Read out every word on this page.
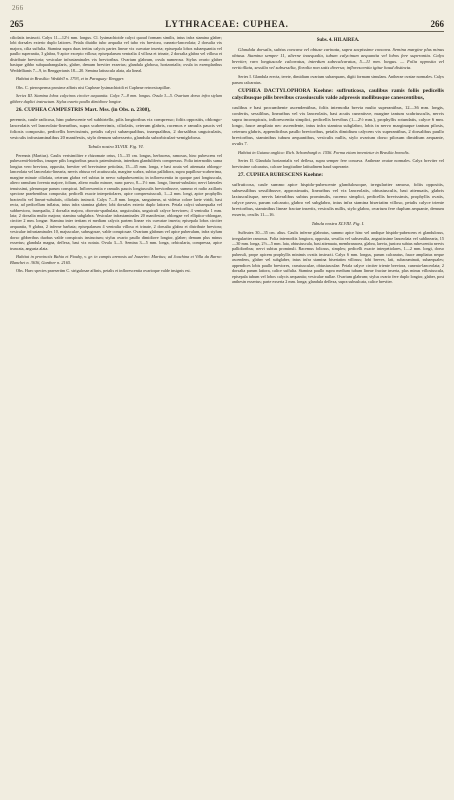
266
265	LYTHRACEAE: CUPHEA.	266

ciliolatis instructi. Calyx 11—12½ mm. longus. Cl. lysimachioide calyci quoad formam similis, intus infra stamina glaber; lobi dorsales exterio duplo latiores. Petala diuidio tubo aequalia vel tubo vix breviora, cuneato-lanceolata; 2 dorsalia vix majora, cilia suffulta. Stamina supra duas tertias calycis partes lineae vix curvatae inserta; epissepala lobos subaequantia vel paullo superantia, 3 glabra, 9 apice excepto villosa; episepalarum ventralia 4 villosa et trinate, 2 dorsalia glabra vel villosa et distribute brevioria; vesiculae infrastaminales vix brevioribus. Ovarium glabrum, ovula numerosa. Stylus ovario glaber basique gibbo subquadrangularis, glaber, demum breviter exsertus; glandula globosa, horizontalis; ovula in exemplaribus Weddellianis 7—9, in Renggerianis 18—20. Semina latiuscula alata, ala lineal.

Habitat in Brasilia: Weddell n. 1793, et in Paraguay: Rengger.

Obs. C. pterosperma proxime affinis nisi Cupheae lysimachioidi et Cupheae retrorsicapillae.

Series III. Stamina lobos calycinos circiter aequantia. Calyx 7—8 mm. longus. Ovula 3—5. Ovarium dorso infra stylum gibbere duplici instructum. Stylus ovario paullo dimidiove longior.

26. CUPHEA CAMPESTRIS Mart. Mss. (in Obs. n. 2308),

perennis, caule radicosa, hinc pubescente vel subhirtello, pilis longioribus vix compresso; foliis oppositis, oblongo-lanceolatis vel lanceolato-linearibus, supra scabeerrimis, ciliolatis, ceterum glabris, racemos e ramulis paucis vel foliosis composito, pedicellis brevissimis, petalis calyci subaequalibus, inaequalibus, 2 dorsalibus unguiculatis, vesiculis infrastaminalibus 20 manifestis, stylo demum subexserto, glandula suborbiculari-semiglobosa.

Tabula nostra XLVIII. Fig. VI.

Perennis (Martius). Caulis verisimiliter e rhizomate ortus, 15—35 cm. longus, herbaceus, ramosus, hinc pubescens vel pubescenti-hirtellus, insuper pilis longioribus paucis patentissimis, interdum glanduliferis compressus. Folia internodiis suma longius vero breviora, opposita, breviter vel brevissime petiolata, 15—45 mm. longa, e basi acuta vel attenuata oblongo-lanceolata vel lanceolato-linearia, nervis obtusa vel acutiuscula, margine scabra, subtus pallidiora, supra papilloso-scaberrima, margine minute ciliolata, ceterum glabra vel subtus in nervo subpubescentia; in inflorescentia in quoque pari longiuscula, altero ramulum foventa majore, folium, altero multo minore, nunc parvo, 8—1½ mm. longo, lineari-subulato; nervi laterales tenuissimi, plerumque parum conspicui. Inflorescentia e ramulis paucis longiusculis brevioribusve, summo et radio axillaris speciose praebentibus composita; pedicelli exacte interpetiolares, apice compressiusculi, 1—2 mm. longi, apice prophyllis bracteolis vel lineari-subulatis, ciliolatis instructi. Calyx 7—8 mm. longus, sanguineus, ut videtur colore laete viridi, basi recta, ad pedicellum inflatus, intus infra stamina glaber; lobi dorsales exterio duplo latiores. Petala calyci subaequalia vel subbreviora, inaequalia, 2 dorsalia majora, obovato-spathulata, unguiculata, unguiculi calyce breviores; 4 ventralia 1 mm. lata; 2 dorsalia multo majora; stamina subglabra. Vesiculae infrastaminales 20 manifestae, oblongae vel elliptico-oblongae, circiter 2 mm. longae. Stamina inter tertiam et mediam calycis partem lineae vix curvatae inserta; episepala lobos circiter aequantia, 9 glabra, 2 inferne barbata; episepalarum 4 ventralia villosa et trinate, 2 dorsalia glabra et distribute breviora; vesiculae infrastaminales 10, majusculae, subrugosae, valde conspicuae. Ovarium glabrum vel apice puberulum, infra stylum dorso gibberibus duobus valde conspicuis instructum; stylus ovario paullo dimidiove longior, glaber; demum plus minus exsertus; glandula magna, deflexa, basi vix notata. Ovula 3—5. Semina 3—5 mm. longa, orbicularia, compressa, apice truncata, angusta alata.

Habitat in provinciis Bahia et Piauhy, v. gr. in campis arenosis ad Joazeiro: Martius; ad Joachina et Villa da Barra: Blanchet n. 3636, Gardner n. 2165.

Obs. Haec species praesertim C. strigulosae affinis, petalis et inflorescentia ovarioque valde insignis est.

Subs. 4. HILAIREA.

Glandula dorsalis, subtus concava vel obtuse carinata, supra sacpissime concava. Semina margine plus minus obtusa. Stamina semper 11, alterne inaequalia, tubum calycinum aequantia vel lobos fere superantia. Calyx breviter, raro longiuscule calcaratus, interdum subecalcaratus, 5—11 mm. longus. — Folia opposita vel verticillata, sessilia vel subsessilia, floralia non satis diversa; inflorescentia igitur haud distincta.

Series I. Glandula erecta, terete, dimidium ovarium subaequans, digiti formam simulans. Antherae ovatae normales. Calyx parum calcaratus.

CUPHEA DACTYLOPHORA Koehne: suffruticosa, caulibus ramis foliis pedicellis calycibusque pilis brevibus crassiusculis valde adpressis mollibusque canescentibus,

caulibus e basi procumbente ascendentibus, foliis internodia brevia multo superantibus, 12—36 mm. longis, confertis, sessilibus, linearibus vel vix lanceolatis, basi acutis cuneatisve, margine tantum scabriusculis, nervis supra inconspicuis, inflorescentia simplici, pedicellis brevibus (1—2½ mm.), prophyllis rotundatis, calyce 6 mm. longo, fauce ampliato nec ascendente, intus infra stamina subglabro, lobis in nervo marginaque tantum pilosis, ceterum glabris, appendicibus paullo brevioribus, petalis dimidium calycem vix superantibus, 2 dorsalibus paullo brevioribus, staminibus tubum aequantibus, vesiculis nullis, stylo ovarium dorso pilosum dimidium aequante, ovulis 7.

Habitat in Guiana anglica: Rich. Schomburgk n. 1556. Forma etiam invenietur in Brasilia borealis.

Series II. Glandula horizontalis vel deflexa, supra semper fere concava. Antherae ovatae normales. Calyx breviter vel brevissime calcaratus, calcare longitudine latitudinem haud superante.

27. CUPHEA RUBESCENS Koehne:

suffruticosa, caule summo apice hispido-pubescente glandulosoque, irregulariter ramoso, foliis oppositis, subsessilibus sessilibusve, approximatis, linearibus vel vix lanceolatis, obtusiusculis, basi attenuatis, glabris laxiusculisque, nervis lateralibus subtus prominulis, racemo simplici, pedicellis brevissimis, prophyllis ovatis, calyce parvo, parum calcarato, glabro vel subglabro, intus infra stamina biseriatim villoso, petalis calyce triente brevioribus, staminibus lineae fractae insertis, vesiculis nullis, stylo glabro, ovarium fere duplum aequante, demum exserto, ovulis 11—16.

Tabula nostra XLVIII. Fig. I.

Suffrutex 30—35 cm. altus. Caulis inferne glabratus, summo apice hinc vel undique hispido-pubescens et glandulosus, irregulariter ramosus. Folia internodiis longiora, opposita, sessilia vel subsessilia, angustissime lanceolata vel sublinearia, 15—30 mm. longa, 2½—5 mm. lata, obtusiuscula, basi attenuata, membranacea, glabra, laevia, juniora subtus rubescentia nervis pallidioribus; nervi subtus prominuli. Racemus foliosus, simplex; pedicelli exacte interpetiolares, 1—2 mm. longi, dorso puberuli, prope apicem prophyllis minimis ovatis instructi. Calyx 6 mm. longus, parum calcaratus, fauce ampliatus neque ascendens, glaber vel subglaber, intus infra stamina biseriatim villosus; lobi breves, lati, subacuminati, subaequales; appendices lobis paullo breviores, crassiusculae, obtusiusculae. Petala calyce circiter triente breviora, cuneato-lanceolata; 2 dorsalia parum latiora, calice suffulta. Stamina paullo supra medium tubum lineae fractae inserta, plus minus villosiuscula, episepala tubum vel lobos calycis aequantia; vesiculae nullae. Ovarium glabrum; stylus ovario fere duplo longior, glaber, post anthesin exsertus; parte exserta 2 mm. longa; glandula deflexa, supra subsulcata, calice breviter.
